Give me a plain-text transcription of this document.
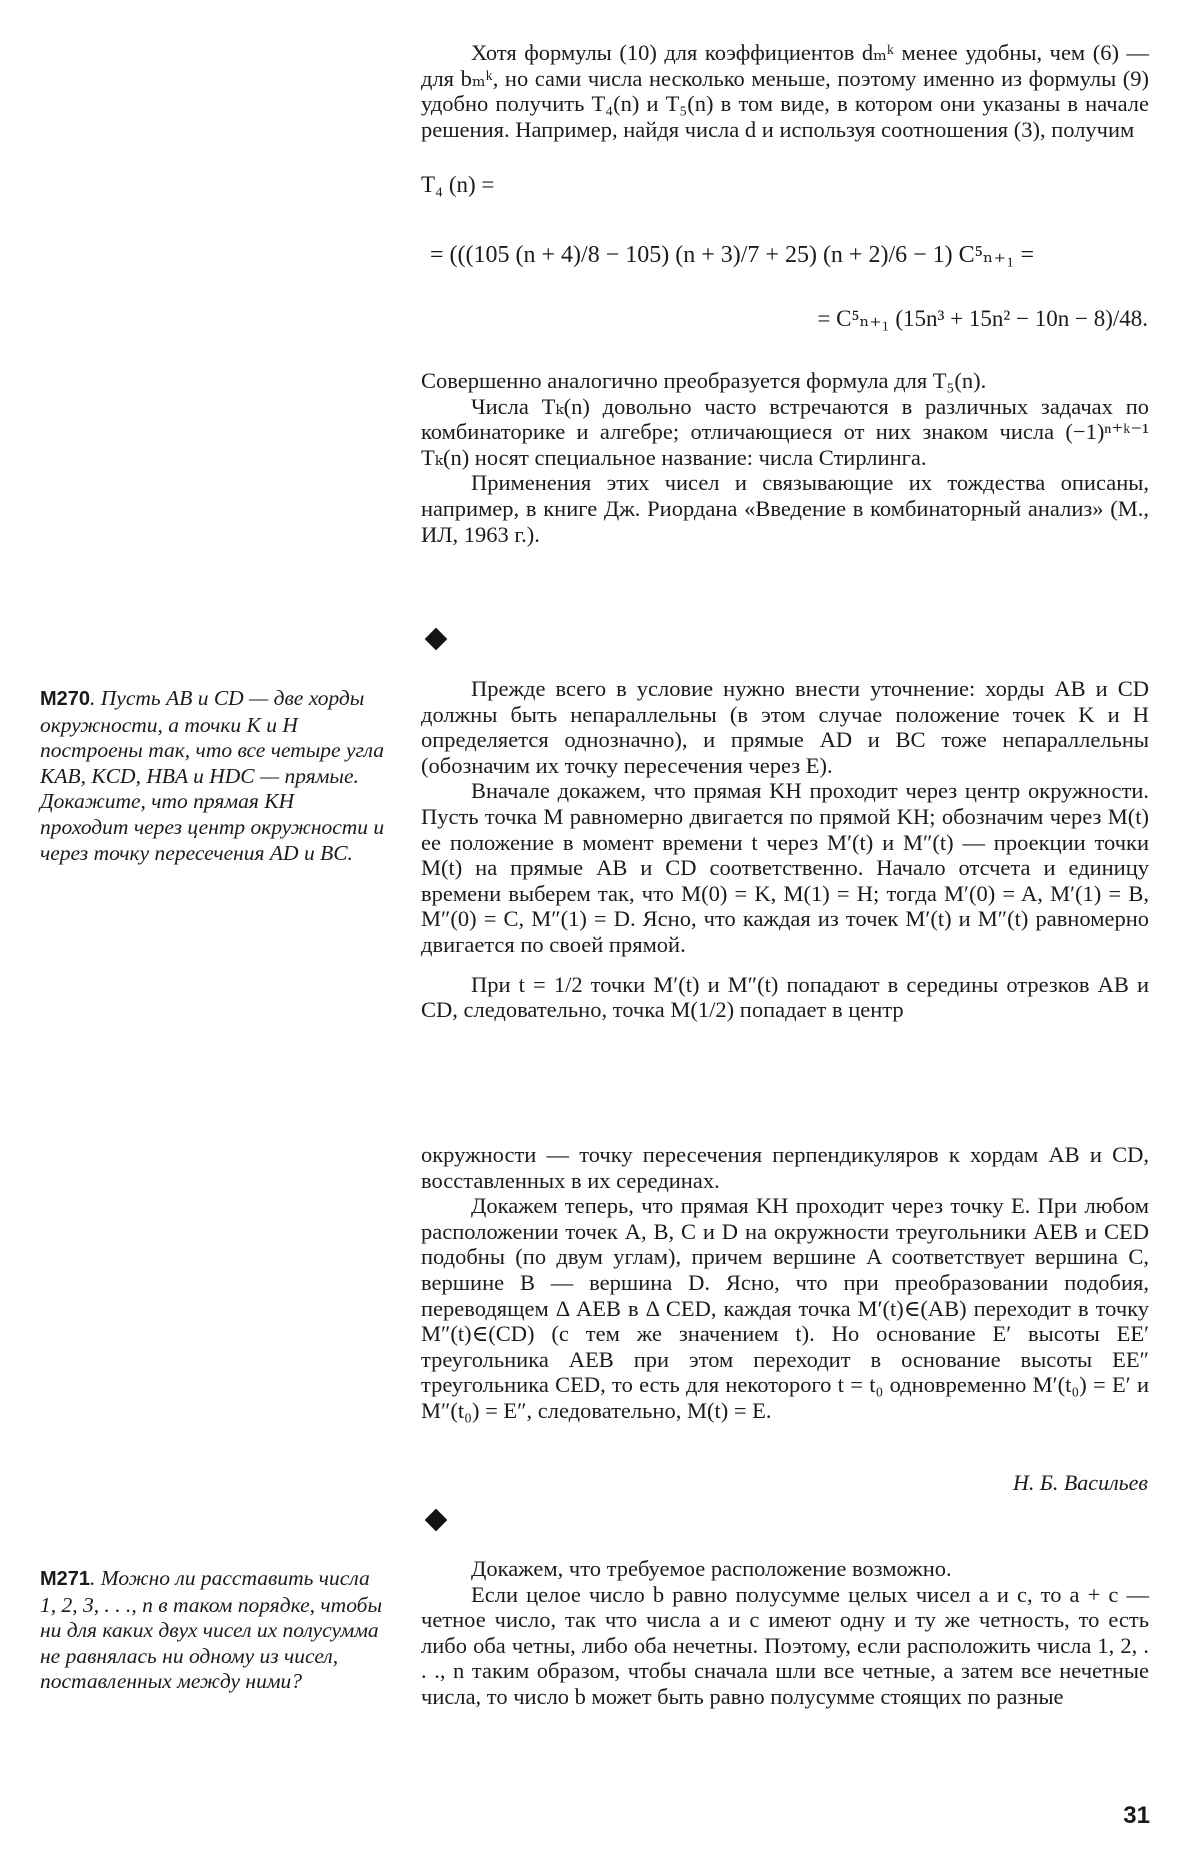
Хотя формулы (10) для коэффициентов dₘᵏ менее удобны, чем (6) — для bₘᵏ, но сами числа несколько меньше, поэтому именно из формулы (9) удобно получить T₄(n) и T₅(n) в том виде, в котором они указаны в начале решения. Например, найдя числа d и используя соотношения (3), получим

T₄ (n) =
= (((105 (n + 4)/8 − 105) (n + 3)/7 + 25) (n + 2)/6 − 1) C⁵ₙ₊₁ =
= C⁵ₙ₊₁ (15n³ + 15n² − 10n − 8)/48.

Совершенно аналогично преобразуется формула для T₅(n).

Числа Tₖ(n) довольно часто встречаются в различных задачах по комбинаторике и алгебре; отличающиеся от них знаком числа (−1)ⁿ⁺ᵏ⁻¹ Tₖ(n) носят специальное название: числа Стирлинга.

Применения этих чисел и связывающие их тождества описаны, например, в книге Дж. Риордана «Введение в комбинаторный анализ» (М., ИЛ, 1963 г.).

М270. Пусть AB и CD — две хорды окружности, а точки K и H построены так, что все четыре угла KAB, KCD, HBA и HDC — прямые. Докажите, что прямая KH проходит через центр окружности и через точку пересечения AD и BC.

Прежде всего в условие нужно внести уточнение: хорды AB и CD должны быть непараллельны (в этом случае положение точек K и H определяется однозначно), и прямые AD и BC тоже непараллельны (обозначим их точку пересечения через E).

Вначале докажем, что прямая KH проходит через центр окружности. Пусть точка M равномерно двигается по прямой KH; обозначим через M(t) ее положение в момент времени t через M′(t) и M″(t) — проекции точки M(t) на прямые AB и CD соответственно. Начало отсчета и единицу времени выберем так, что M(0) = K, M(1) = H; тогда M′(0) = A, M′(1) = B, M″(0) = C, M″(1) = D. Ясно, что каждая из точек M′(t) и M″(t) равномерно двигается по своей прямой.

При t = 1/2 точки M′(t) и M″(t) попадают в середины отрезков AB и CD, следовательно, точка M(1/2) попадает в центр

окружности — точку пересечения перпендикуляров к хордам AB и CD, восставленных в их серединах.

Докажем теперь, что прямая KH проходит через точку E. При любом расположении точек A, B, C и D на окружности треугольники AEB и CED подобны (по двум углам), причем вершине A соответствует вершина C, вершине B — вершина D. Ясно, что при преобразовании подобия, переводящем Δ AEB в Δ CED, каждая точка M′(t)∈(AB) переходит в точку M″(t)∈(CD) (с тем же значением t). Но основание E′ высоты EE′ треугольника AEB при этом переходит в основание высоты EE″ треугольника CED, то есть для некоторого t = t₀ одновременно M′(t₀) = E′ и M″(t₀) = E″, следовательно, M(t) = E.

Н. Б. Васильев
М271. Можно ли расставить числа 1, 2, 3, . . ., n в таком порядке, чтобы ни для каких двух чисел их полусумма не равнялась ни одному из чисел, поставленных между ними?

Докажем, что требуемое расположение возможно.

Если целое число b равно полусумме целых чисел a и c, то a + c — четное число, так что числа a и c имеют одну и ту же четность, то есть либо оба четны, либо оба нечетны. Поэтому, если расположить числа 1, 2, . . ., n таким образом, чтобы сначала шли все четные, а затем все нечетные числа, то число b может быть равно полусумме стоящих по разные

31
